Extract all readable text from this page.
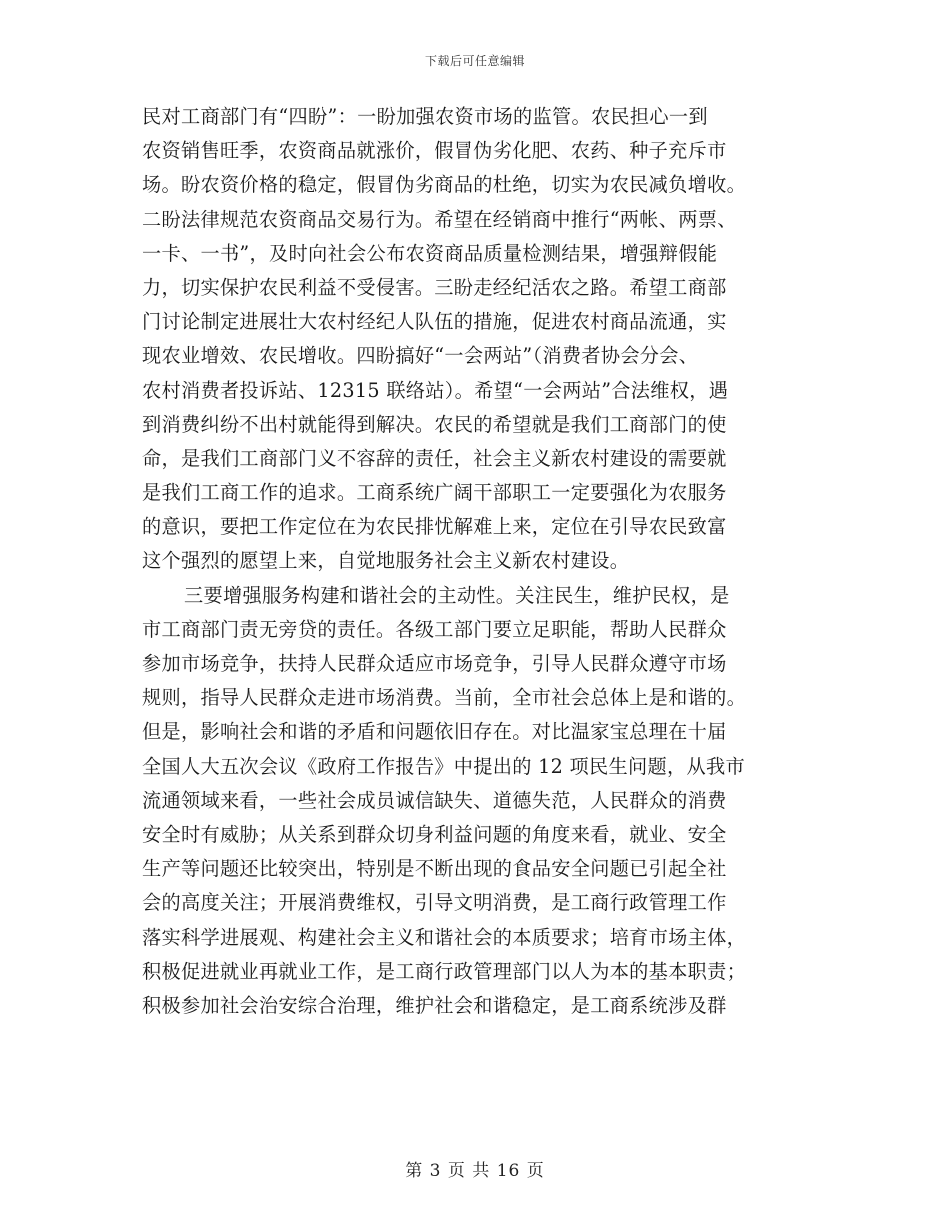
下载后可任意编辑
民对工商部门有“四盼”：一盼加强农资市场的监管。农民担心一到
农资销售旺季，农资商品就涨价，假冒伪劣化肥、农药、种子充斥市
场。盼农资价格的稳定，假冒伪劣商品的杜绝，切实为农民减负增收。
二盼法律规范农资商品交易行为。希望在经销商中推行“两帐、两票、
一卡、一书”，及时向社会公布农资商品质量检测结果，增强辩假能
力，切实保护农民利益不受侵害。三盼走经纪活农之路。希望工商部
门讨论制定进展壮大农村经纪人队伍的措施，促进农村商品流通，实
现农业增效、农民增收。四盼搞好“一会两站”（消费者协会分会、
农村消费者投诉站、12315 联络站）。希望“一会两站”合法维权，遇
到消费纠纷不出村就能得到解决。农民的希望就是我们工商部门的使
命，是我们工商部门义不容辞的责任，社会主义新农村建设的需要就
是我们工商工作的追求。工商系统广阔干部职工一定要强化为农服务
的意识，要把工作定位在为农民排忧解难上来，定位在引导农民致富
这个强烈的愿望上来，自觉地服务社会主义新农村建设。
三要增强服务构建和谐社会的主动性。关注民生，维护民权，是
市工商部门责无旁贷的责任。各级工部门要立足职能，帮助人民群众
参加市场竞争，扶持人民群众适应市场竞争，引导人民群众遵守市场
规则，指导人民群众走进市场消费。当前，全市社会总体上是和谐的。
但是，影响社会和谐的矛盾和问题依旧存在。对比温家宝总理在十届
全国人大五次会议《政府工作报告》中提出的 12 项民生问题，从我市
流通领域来看，一些社会成员诚信缺失、道德失范，人民群众的消费
安全时有威胁；从关系到群众切身利益问题的角度来看，就业、安全
生产等问题还比较突出，特别是不断出现的食品安全问题已引起全社
会的高度关注；开展消费维权，引导文明消费，是工商行政管理工作
落实科学进展观、构建社会主义和谐社会的本质要求；培育市场主体，
积极促进就业再就业工作，是工商行政管理部门以人为本的基本职责；
积极参加社会治安综合治理，维护社会和谐稳定，是工商系统涉及群
第 3 页 共 16 页
